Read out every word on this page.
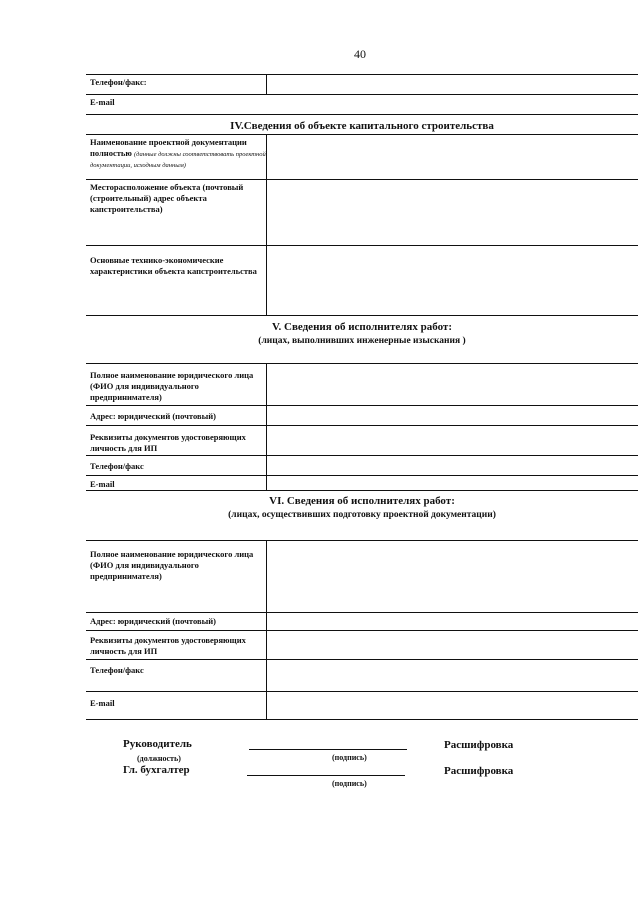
40
Телефон/факс:
E-mail
IV.Сведения об объекте капитального строительства
Наименование проектной документации полностью (данные должны соответствовать проектной документации, исходным данным)
Месторасположение объекта (почтовый (строительный) адрес объекта капстроительства)
Основные технико-экономические характеристики объекта капстроительства
V. Сведения об исполнителях работ:
(лицах, выполнивших инженерные изыскания )
Полное наименование юридического лица (ФИО для индивидуального предпринимателя)
Адрес: юридический (почтовый)
Реквизиты документов удостоверяющих личность для ИП
Телефон/факс
E-mail
VI. Сведения об исполнителях работ:
(лицах, осуществивших подготовку проектной документации)
Полное наименование юридического лица (ФИО для индивидуального предпринимателя)
Адрес: юридический (почтовый)
Реквизиты документов удостоверяющих личность для ИП
Телефон/факс
E-mail
Руководитель
(должность)	(подпись)
Расшифровка
Гл. бухгалтер
(подпись)
Расшифровка
